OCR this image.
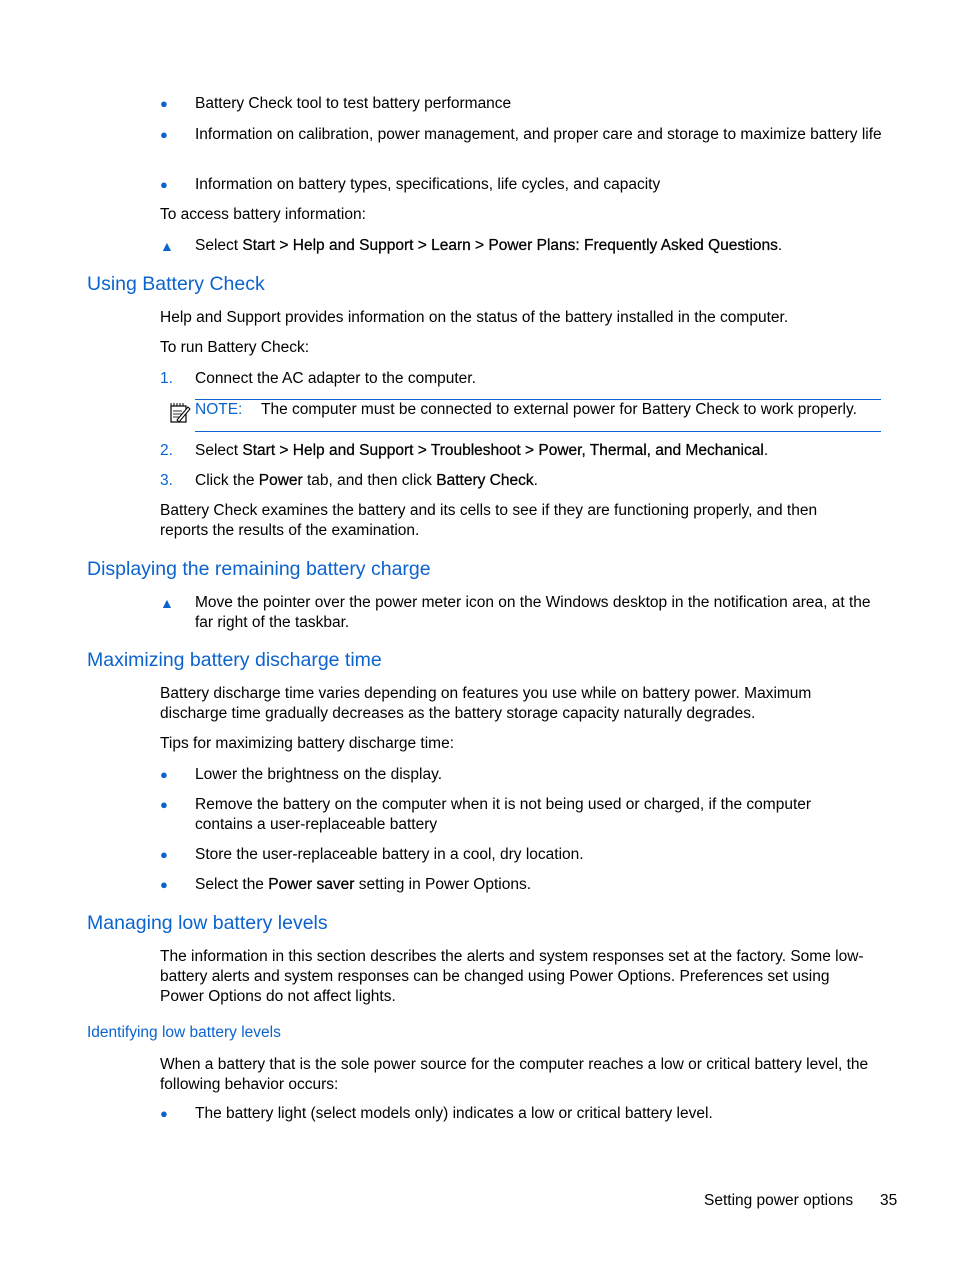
●	Battery Check tool to test battery performance
●	Information on calibration, power management, and proper care and storage to maximize battery life
●	Information on battery types, specifications, life cycles, and capacity
To access battery information:
▲	Select Start > Help and Support > Learn > Power Plans: Frequently Asked Questions.
Using Battery Check
Help and Support provides information on the status of the battery installed in the computer.
To run Battery Check:
1.	Connect the AC adapter to the computer.
NOTE: The computer must be connected to external power for Battery Check to work properly.
2.	Select Start > Help and Support > Troubleshoot > Power, Thermal, and Mechanical.
3.	Click the Power tab, and then click Battery Check.
Battery Check examines the battery and its cells to see if they are functioning properly, and then reports the results of the examination.
Displaying the remaining battery charge
▲	Move the pointer over the power meter icon on the Windows desktop in the notification area, at the far right of the taskbar.
Maximizing battery discharge time
Battery discharge time varies depending on features you use while on battery power. Maximum discharge time gradually decreases as the battery storage capacity naturally degrades.
Tips for maximizing battery discharge time:
●	Lower the brightness on the display.
●	Remove the battery on the computer when it is not being used or charged, if the computer contains a user-replaceable battery
●	Store the user-replaceable battery in a cool, dry location.
●	Select the Power saver setting in Power Options.
Managing low battery levels
The information in this section describes the alerts and system responses set at the factory. Some low-battery alerts and system responses can be changed using Power Options. Preferences set using Power Options do not affect lights.
Identifying low battery levels
When a battery that is the sole power source for the computer reaches a low or critical battery level, the following behavior occurs:
●	The battery light (select models only) indicates a low or critical battery level.
Setting power options 35
